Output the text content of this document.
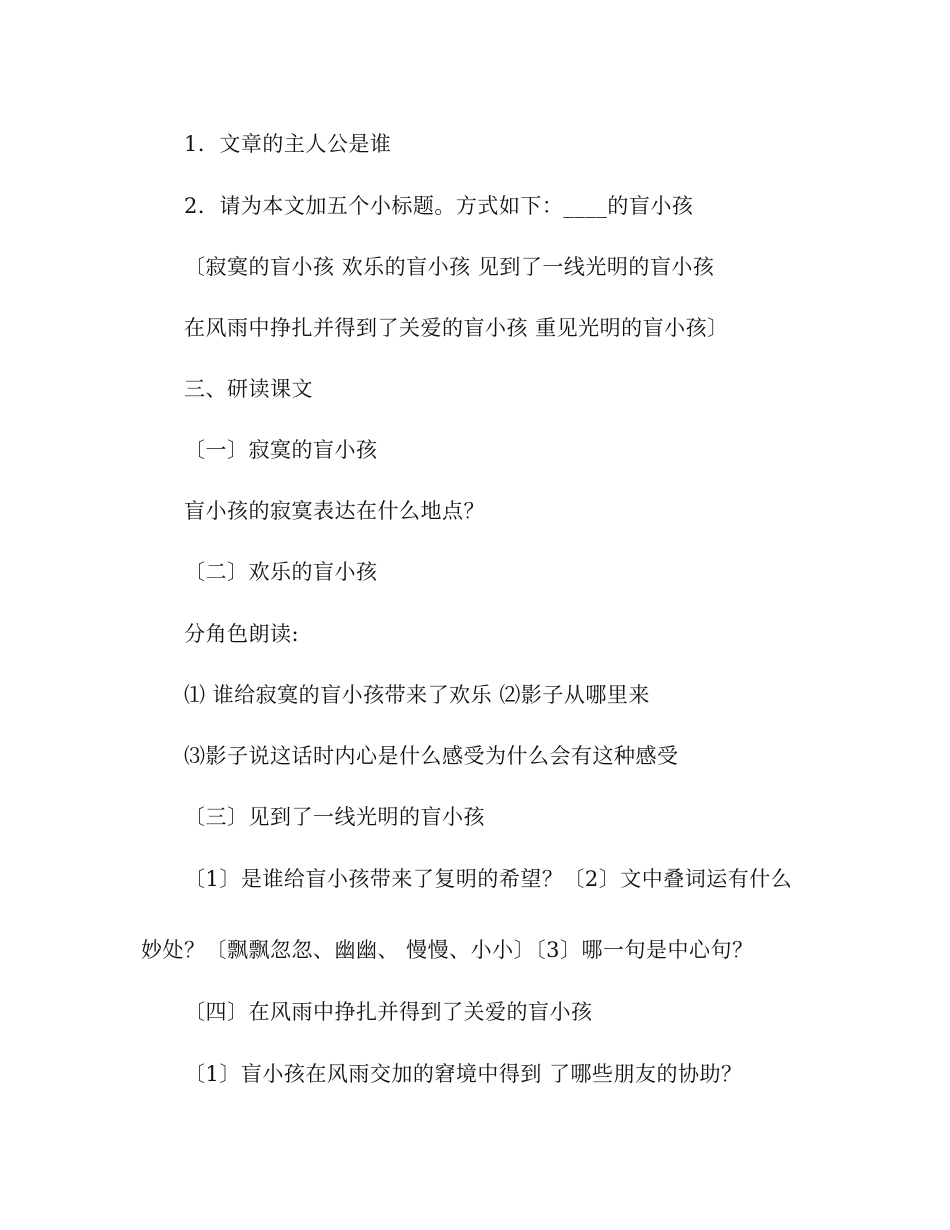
1．文章的主人公是谁
2．请为本文加五个小标题。方式如下：____的盲小孩
〔寂寞的盲小孩 欢乐的盲小孩 见到了一线光明的盲小孩
在风雨中挣扎并得到了关爱的盲小孩 重见光明的盲小孩〕
三、研读课文
〔一〕寂寞的盲小孩
盲小孩的寂寞表达在什么地点？
〔二〕欢乐的盲小孩
分角色朗读:
⑴ 谁给寂寞的盲小孩带来了欢乐 ⑵影子从哪里来
⑶影子说这话时内心是什么感受为什么会有这种感受
〔三〕见到了一线光明的盲小孩
〔1〕是谁给盲小孩带来了复明的希望？〔2〕文中叠词运有什么
妙处？〔飘飘忽忽、幽幽、 慢慢、小小〕〔3〕哪一句是中心句？
〔四〕在风雨中挣扎并得到了关爱的盲小孩
〔1〕盲小孩在风雨交加的窘境中得到 了哪些朋友的协助？
